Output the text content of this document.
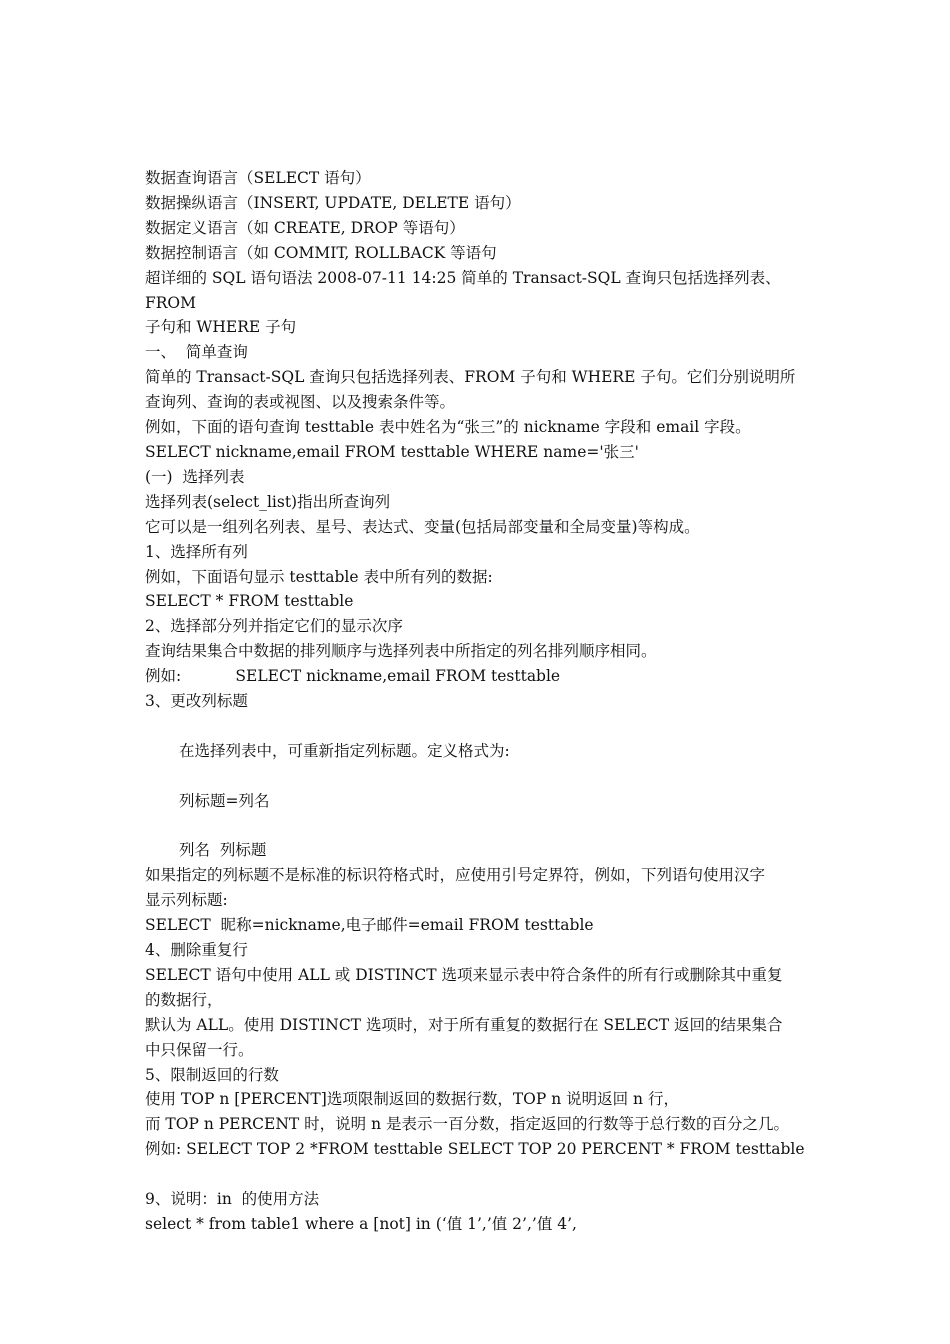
数据查询语言（SELECT 语句）
数据操纵语言（INSERT, UPDATE, DELETE 语句）
数据定义语言（如 CREATE, DROP 等语句）
数据控制语言（如 COMMIT, ROLLBACK 等语句
超详细的 SQL 语句语法 2008-07-11 14:25 简单的 Transact-SQL 查询只包括选择列表、FROM
子句和 WHERE 子句
一、  简单查询
简单的 Transact-SQL 查询只包括选择列表、FROM 子句和 WHERE 子句。它们分别说明所
查询列、查询的表或视图、以及搜索条件等。
例如，下面的语句查询 testtable 表中姓名为“张三”的 nickname 字段和 email 字段。
SELECT nickname,email FROM testtable WHERE name='张三'
(一)  选择列表
选择列表(select_list)指出所查询列
它可以是一组列名列表、星号、表达式、变量(包括局部变量和全局变量)等构成。
1、选择所有列
例如，下面语句显示 testtable 表中所有列的数据:
SELECT * FROM testtable
2、选择部分列并指定它们的显示次序
查询结果集合中数据的排列顺序与选择列表中所指定的列名排列顺序相同。
例如:           SELECT nickname,email FROM testtable
3、更改列标题
在选择列表中，可重新指定列标题。定义格式为:
列标题=列名
列名  列标题
如果指定的列标题不是标准的标识符格式时，应使用引号定界符，例如，下列语句使用汉字
显示列标题:
SELECT  昵称=nickname,电子邮件=email FROM testtable
4、删除重复行
SELECT 语句中使用 ALL 或 DISTINCT 选项来显示表中符合条件的所有行或删除其中重复
的数据行，
默认为 ALL。使用 DISTINCT 选项时，对于所有重复的数据行在 SELECT 返回的结果集合
中只保留一行。
5、限制返回的行数
使用 TOP n [PERCENT]选项限制返回的数据行数，TOP n 说明返回 n 行，
而 TOP n PERCENT 时，说明 n 是表示一百分数，指定返回的行数等于总行数的百分之几。
例如: SELECT TOP 2 *FROM testtable SELECT TOP 20 PERCENT * FROM testtable
9、说明：in  的使用方法
select * from table1 where a [not] in (‘值 1’,’值 2’,’值 4’,
